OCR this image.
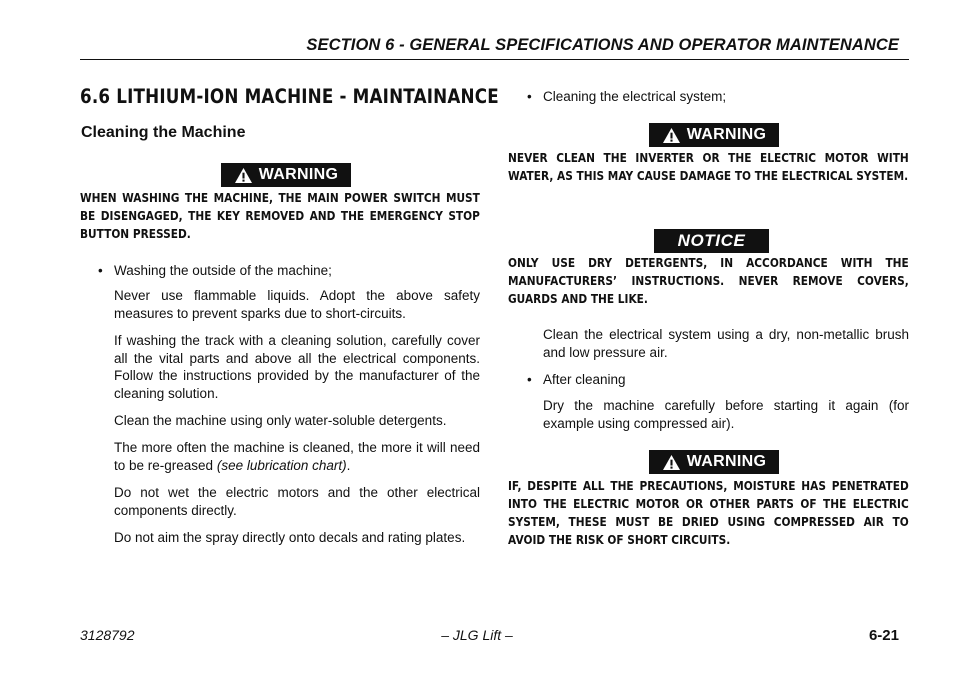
SECTION 6 - GENERAL SPECIFICATIONS AND OPERATOR MAINTENANCE
6.6 LITHIUM-ION MACHINE - MAINTAINANCE
Cleaning the Machine
WARNING
WHEN WASHING THE MACHINE, THE MAIN POWER SWITCH MUST BE DISENGAGED, THE KEY REMOVED AND THE EMERGENCY STOP BUTTON PRESSED.
• Washing the outside of the machine;
Never use flammable liquids. Adopt the above safety measures to prevent sparks due to short-circuits.
If washing the track with a cleaning solution, carefully cover all the vital parts and above all the electrical components. Follow the instructions provided by the manufacturer of the cleaning solution.
Clean the machine using only water-soluble detergents.
The more often the machine is cleaned, the more it will need to be re-greased (see lubrication chart).
Do not wet the electric motors and the other electrical components directly.
Do not aim the spray directly onto decals and rating plates.
• Cleaning the electrical system;
WARNING
NEVER CLEAN THE INVERTER OR THE ELECTRIC MOTOR WITH WATER, AS THIS MAY CAUSE DAMAGE TO THE ELECTRICAL SYSTEM.
NOTICE
ONLY USE DRY DETERGENTS, IN ACCORDANCE WITH THE MANUFACTURERS’ INSTRUCTIONS. NEVER REMOVE COVERS, GUARDS AND THE LIKE.
Clean the electrical system using a dry, non-metallic brush and low pressure air.
• After cleaning
Dry the machine carefully before starting it again (for example using compressed air).
WARNING
IF, DESPITE ALL THE PRECAUTIONS, MOISTURE HAS PENETRATED INTO THE ELECTRIC MOTOR OR OTHER PARTS OF THE ELECTRIC SYSTEM, THESE MUST BE DRIED USING COMPRESSED AIR TO AVOID THE RISK OF SHORT CIRCUITS.
3128792	– JLG Lift –	6-21
